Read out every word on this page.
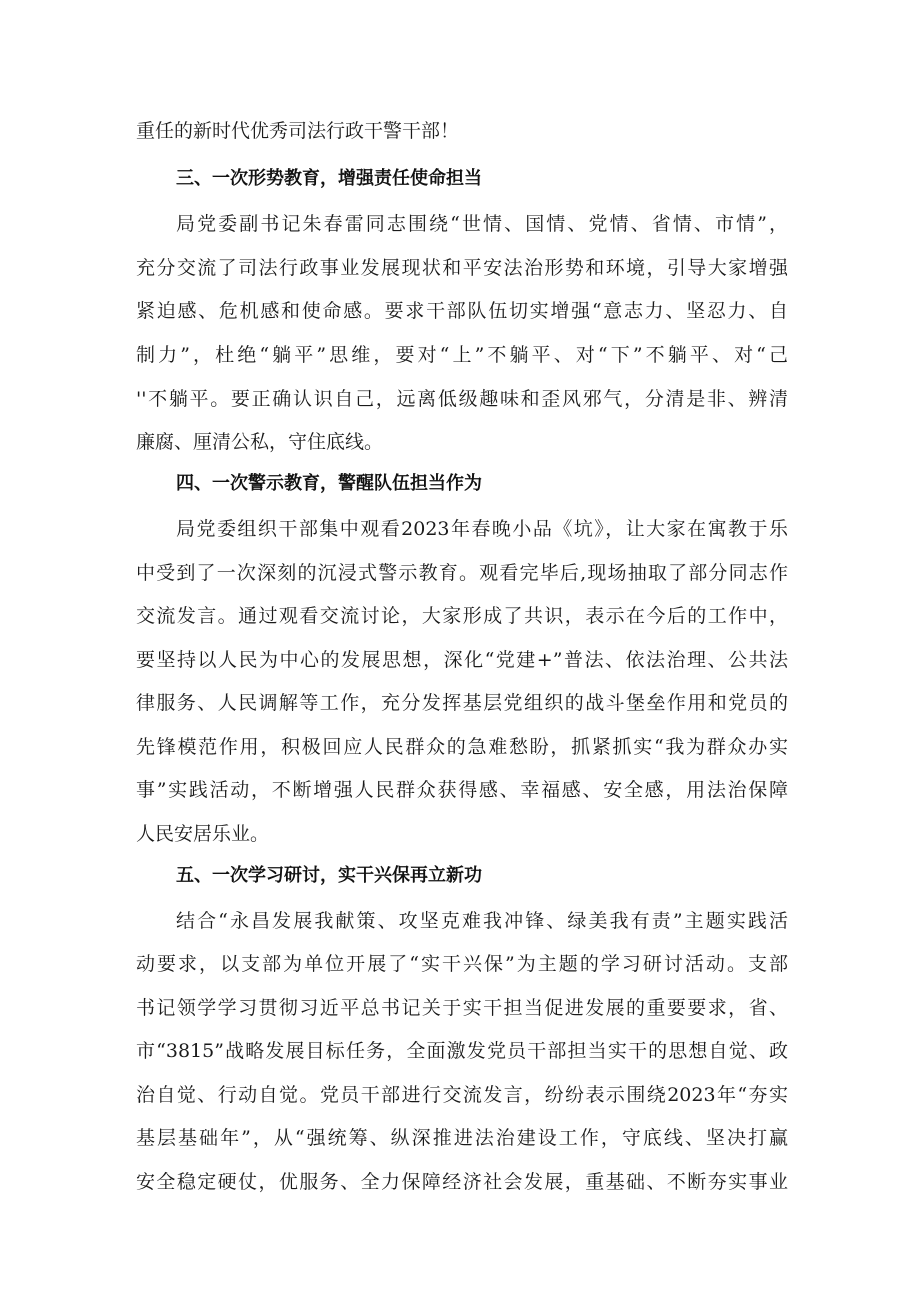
重任的新时代优秀司法行政干警干部！
三、一次形势教育，增强责任使命担当
局党委副书记朱春雷同志围绕“世情、国情、党情、省情、市情”，
充分交流了司法行政事业发展现状和平安法治形势和环境，引导大家增强
紧迫感、危机感和使命感。要求干部队伍切实增强“意志力、坚忍力、自
制力”，杜绝“躺平”思维，要对“上”不躺平、对“下”不躺平、对“己
''不躺平。要正确认识自己，远离低级趣味和歪风邪气，分清是非、辨清
廉腐、厘清公私，守住底线。
四、一次警示教育，警醒队伍担当作为
局党委组织干部集中观看2023年春晚小品《坑》，让大家在寓教于乐
中受到了一次深刻的沉浸式警示教育。观看完毕后,现场抽取了部分同志作
交流发言。通过观看交流讨论，大家形成了共识，表示在今后的工作中，
要坚持以人民为中心的发展思想，深化“党建+”普法、依法治理、公共法
律服务、人民调解等工作，充分发挥基层党组织的战斗堡垒作用和党员的
先锋模范作用，积极回应人民群众的急难愁盼，抓紧抓实“我为群众办实
事”实践活动，不断增强人民群众获得感、幸福感、安全感，用法治保障
人民安居乐业。
五、一次学习研讨，实干兴保再立新功
结合“永昌发展我献策、攻坚克难我冲锋、绿美我有责”主题实践活
动要求，以支部为单位开展了“实干兴保”为主题的学习研讨活动。支部
书记领学学习贯彻习近平总书记关于实干担当促进发展的重要要求，省、
市“3815”战略发展目标任务，全面激发党员干部担当实干的思想自觉、政
治自觉、行动自觉。党员干部进行交流发言，纷纷表示围绕2023年“夯实
基层基础年”，从“强统筹、纵深推进法治建设工作，守底线、坚决打赢
安全稳定硬仗，优服务、全力保障经济社会发展，重基础、不断夯实事业
